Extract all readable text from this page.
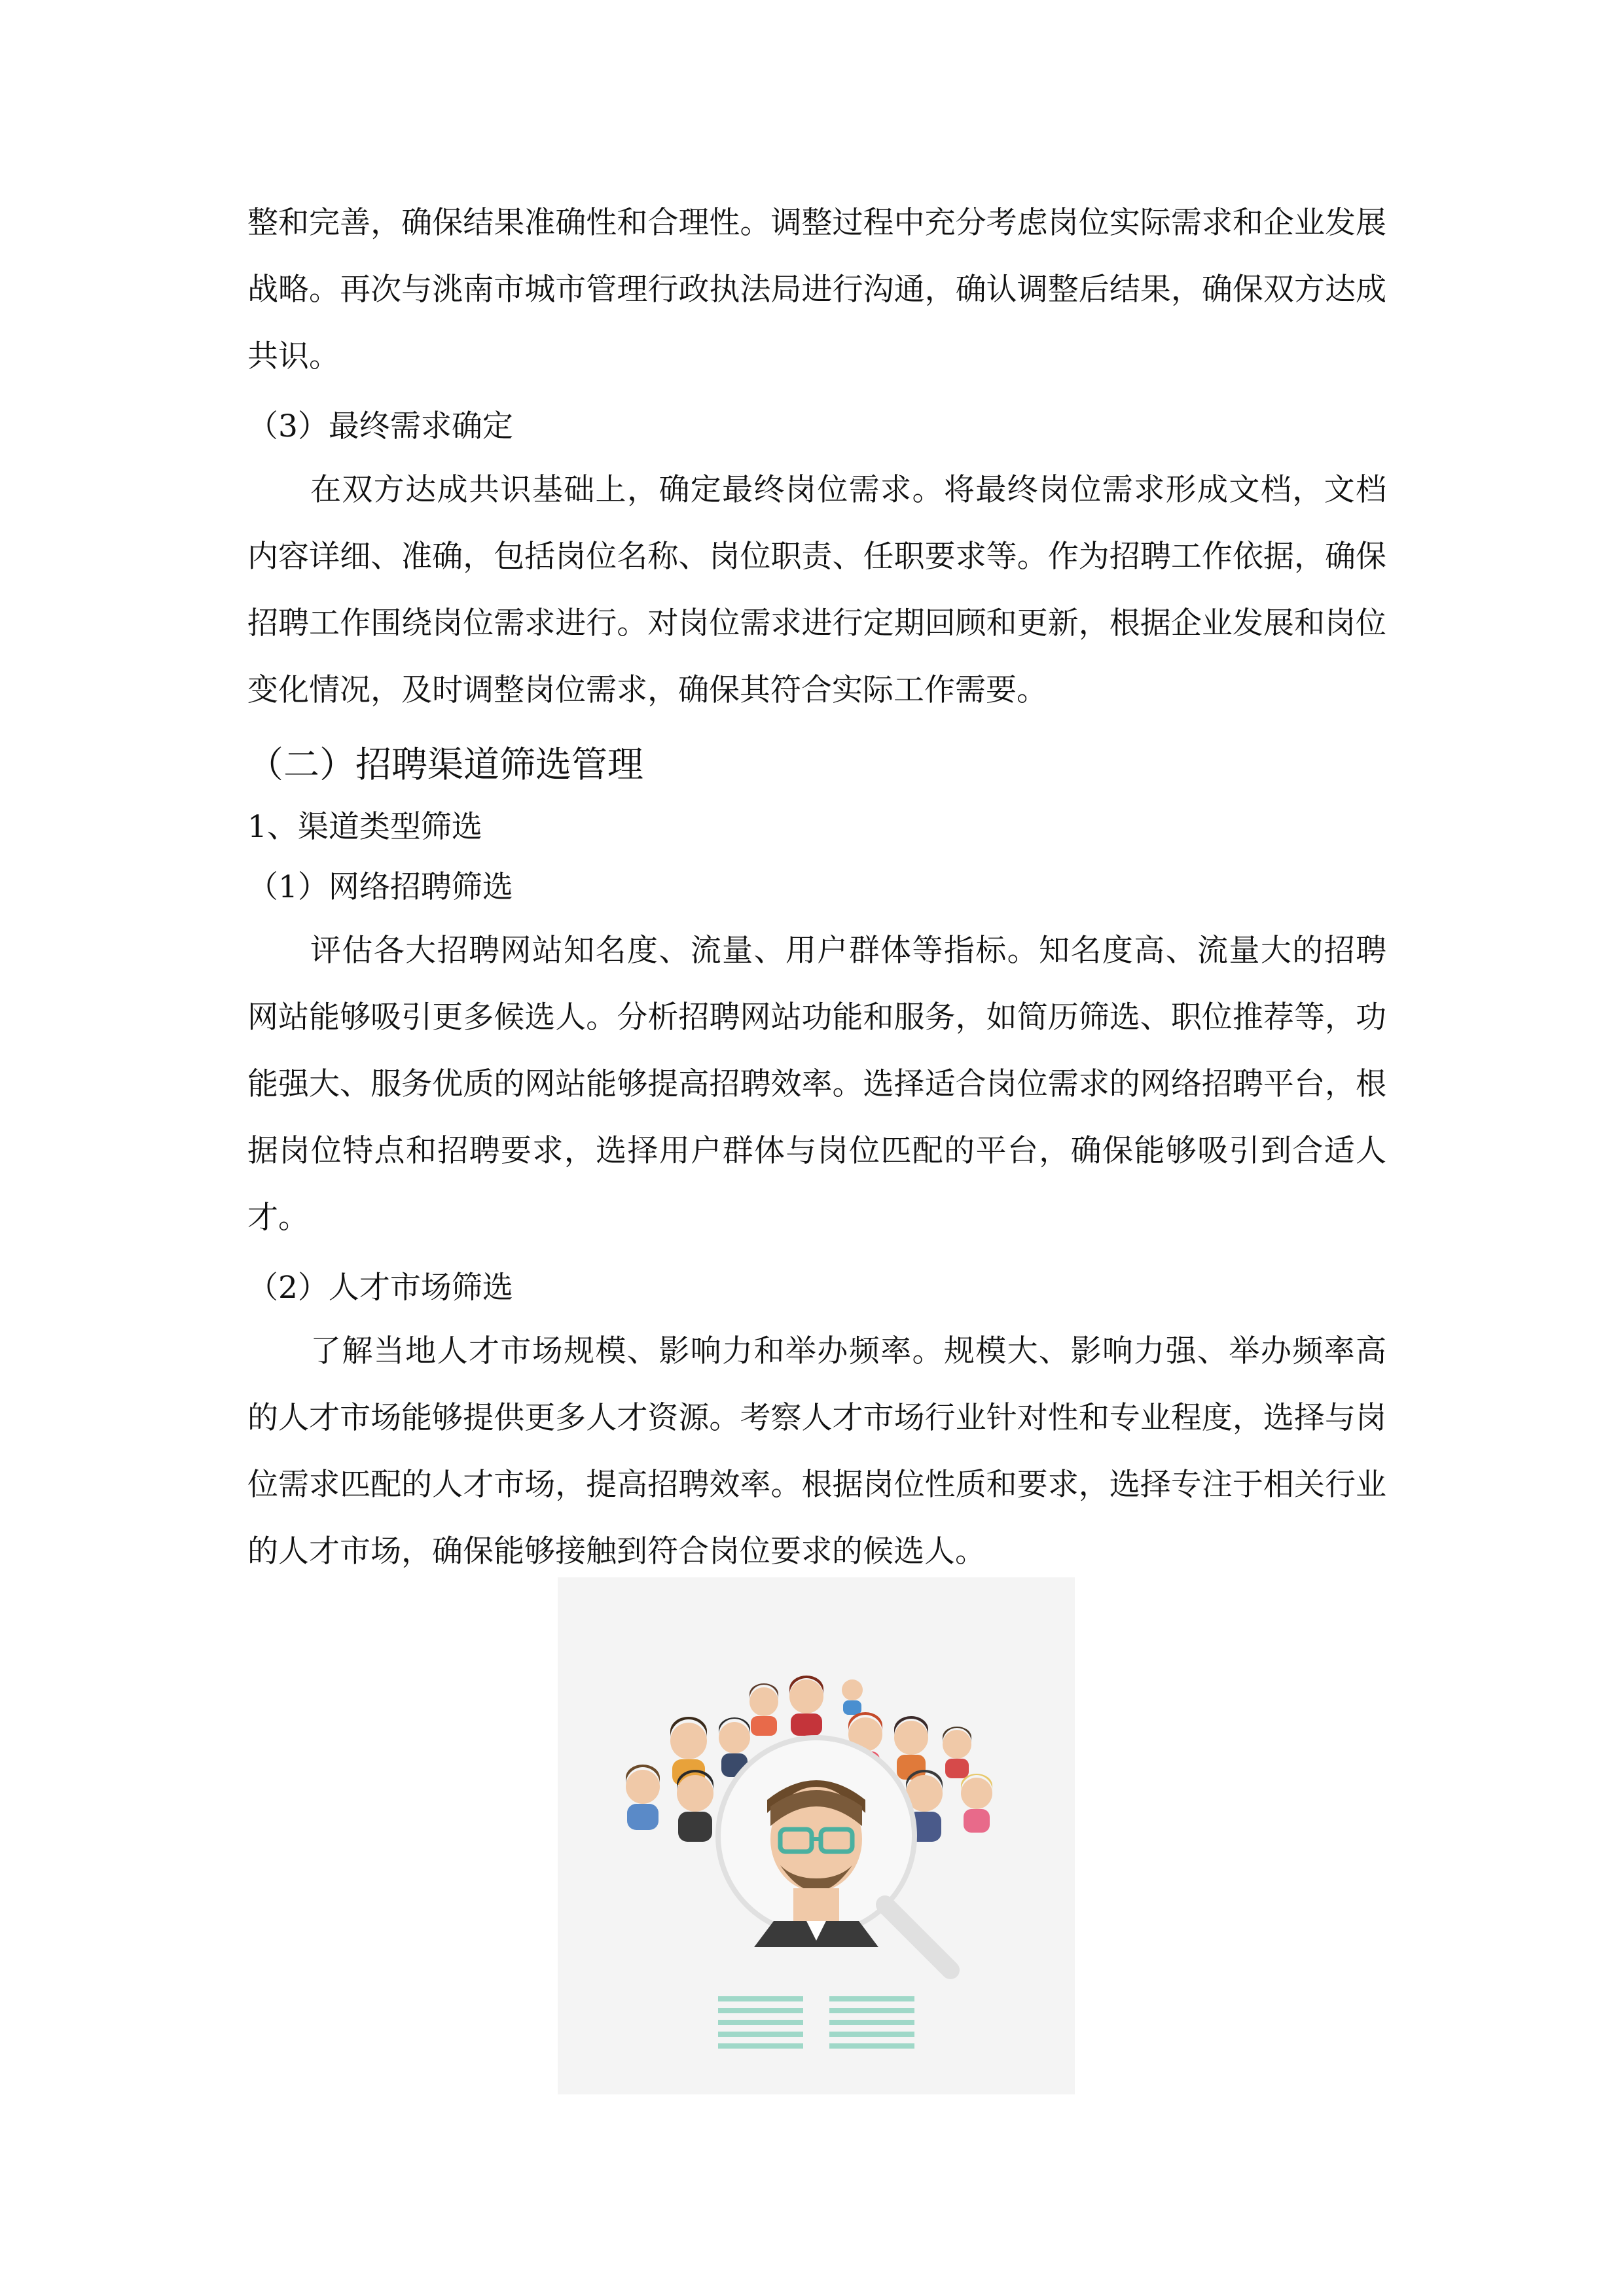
整和完善，确保结果准确性和合理性。调整过程中充分考虑岗位实际需求和企业发展战略。再次与洮南市城市管理行政执法局进行沟通，确认调整后结果，确保双方达成共识。

（3）最终需求确定

在双方达成共识基础上，确定最终岗位需求。将最终岗位需求形成文档，文档内容详细、准确，包括岗位名称、岗位职责、任职要求等。作为招聘工作依据，确保招聘工作围绕岗位需求进行。对岗位需求进行定期回顾和更新，根据企业发展和岗位变化情况，及时调整岗位需求，确保其符合实际工作需要。

（二）招聘渠道筛选管理

1、渠道类型筛选

（1）网络招聘筛选

评估各大招聘网站知名度、流量、用户群体等指标。知名度高、流量大的招聘网站能够吸引更多候选人。分析招聘网站功能和服务，如简历筛选、职位推荐等，功能强大、服务优质的网站能够提高招聘效率。选择适合岗位需求的网络招聘平台，根据岗位特点和招聘要求，选择用户群体与岗位匹配的平台，确保能够吸引到合适人才。

（2）人才市场筛选

了解当地人才市场规模、影响力和举办频率。规模大、影响力强、举办频率高的人才市场能够提供更多人才资源。考察人才市场行业针对性和专业程度，选择与岗位需求匹配的人才市场，提高招聘效率。根据岗位性质和要求，选择专注于相关行业的人才市场，确保能够接触到符合岗位要求的候选人。
